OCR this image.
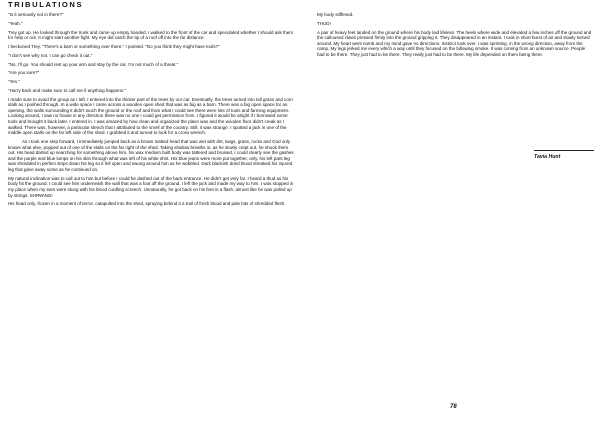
TRIBULATIONS

"Is it seriously not in there?"

"Yeah."

Trey got up. He looked through the trunk and came up empty handed. I walked to the front of the car and speculated whether I should ask them for help or not. It might start another fight. My eye did catch the tip of a roof off into the far distance.

I beckoned Trey. "There's a barn or something over there," I pointed. "Do you think they might have tools?"

"I don't see why not. I can go check it out."

"No, I'll go. You should rest up your arm and stay by the car. I'm not much of a threat."

"Are you sure?"

"Yes."

"Hurry back and make sure to call me if anything happens."

I made sure to avoid the group as I left. I entered into the thicker part of the trees by our car. Eventually, the trees turned into tall grass and corn stalk as I pushed through. In a wide space I came across a wooden open shed that was as big as a barn. There was a big open space for an opening, the walls surrounding it didn't touch the ground or the roof and from what I could see there were lots of tools and farming equipment. Looking around, I saw no house in any direction there was no one I could get permission from. I figured it would be alright if I borrowed some tools and brought it back later. I entered in. I was amazed by how clean and organized the place was and the wooden floor didn't creak as I walked. There was, however, a particular stench that I attributed to the smell of the country. Still, it was strange. I spotted a jack in one of the middle open stalls on the far left side of the shed. I grabbed it and turned to look for a cross wrench.

As I took one step forward, I immediately jumped back as a brown matted head that was wet with dirt, twigs, grass, rocks and God only knows what else, popped out of one of the stalls on the far right of the shed. Taking shallow breaths in, as he slowly crept out, he shook them out. His head darted up searching for something above him, his wax medium built body was tattered and bruised, I could clearly see the gashes and the purple and blue lumps on his skin through what was left of his white shirt. His blue jeans were more put together, only, his left pant leg was shredded in perfect strips down his leg so it fell open and swung around him as he wobbled. Dark blackish dried blood streaked his injured leg that gave away some as he continued on.

My natural inclination was to call out to him but before I could he dashed out of the back entrance. He didn't get very far. I heard a thud as his body hit the ground. I could see him underneath the wall that was a foot off the ground. I left the jack and made my way to him. I was stopped in my place when my ears were stung with his blood curdling screech. Unnaturally, he got back on his feet in a flash, almost like he was pulled up by strings. SHRWING!

His head only, frozen in a moment of terror, catapulted into the shed, spraying behind it a trail of fresh blood and pale bits of shredded flesh.

My body stiffened.

THUD!

A pair of heavy feet landed on the ground where his body laid lifeless. The heels where wide and elevated a few inches off the ground and the calloused claws pressed firmly into the ground gripping it. They disappeared in an instant. I took in short burst of air and slowly turned around. My heart went numb and my mind gave no directions. Instinct took over. I was sprinting, in the wrong direction, away from the camp. My legs jerked me every which a way until they focused on the billowing smoke. It was coming from an unknown source. People had to be there. They just had to be there. They really just had to be there. My life depended on them being there.

Tavia Hunt
78
